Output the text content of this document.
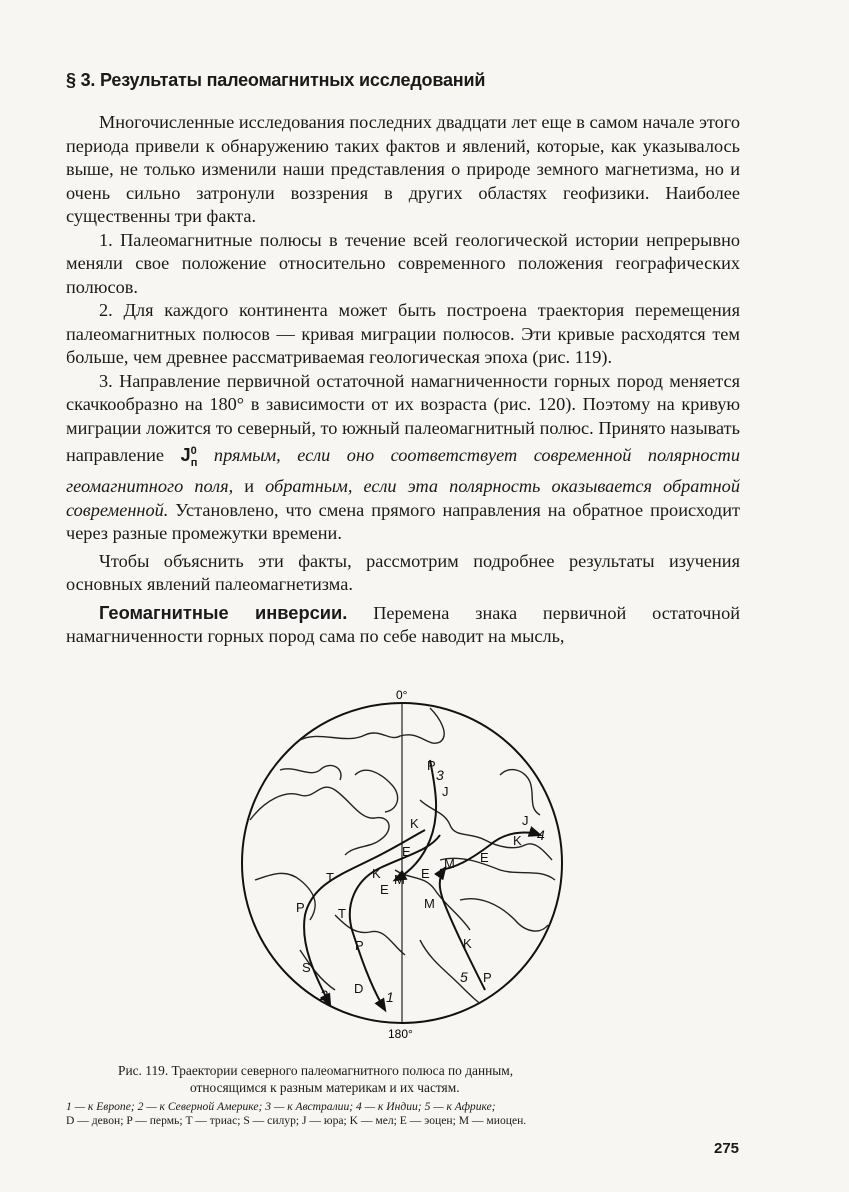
§ 3. Результаты палеомагнитных исследований

Многочисленные исследования последних двадцати лет еще в самом начале этого периода привели к обнаружению таких фактов и явлений, которые, как указывалось выше, не только изменили наши представления о природе земного магнетизма, но и очень сильно затронули воззрения в других областях геофизики. Наиболее существенны три факта.

1. Палеомагнитные полюсы в течение всей геологической истории непрерывно меняли свое положение относительно современного положения географических полюсов.

2. Для каждого континента может быть построена траектория перемещения палеомагнитных полюсов — кривая миграции полюсов. Эти кривые расходятся тем больше, чем древнее рассматриваемая геологическая эпоха (рис. 119).

3. Направление первичной остаточной намагниченности горных пород меняется скачкообразно на 180° в зависимости от их возраста (рис. 120). Поэтому на кривую миграции ложится то северный, то южный палеомагнитный полюс. Принято называть направление $J^0_п$ прямым, если оно соответствует современной полярности геомагнитного поля, и обратным, если эта полярность оказывается обратной современной. Установлено, что смена прямого направления на обратное происходит через разные промежутки времени.

Чтобы объяснить эти факты, рассмотрим подробнее результаты изучения основных явлений палеомагнетизма.

Геомагнитные инверсии. Перемена знака первичной остаточной намагниченности горных пород сама по себе наводит на мысль,

0°
180°
1
2
3
4
5
D
P
T
K
E
S
P
T
K
M
P
J
E
J
K
E
M
P
K
M
E
Рис. 119. Траектории северного палеомагнитного полюса по данным,
относящимся к разным материкам и их частям.
1 — к Европе; 2 — к Северной Америке; 3 — к Австралии; 4 — к Индии; 5 — к Африке;
D — девон; P — пермь; T — триас; S — силур; J — юра; K — мел; E — эоцен; M — миоцен.
275
